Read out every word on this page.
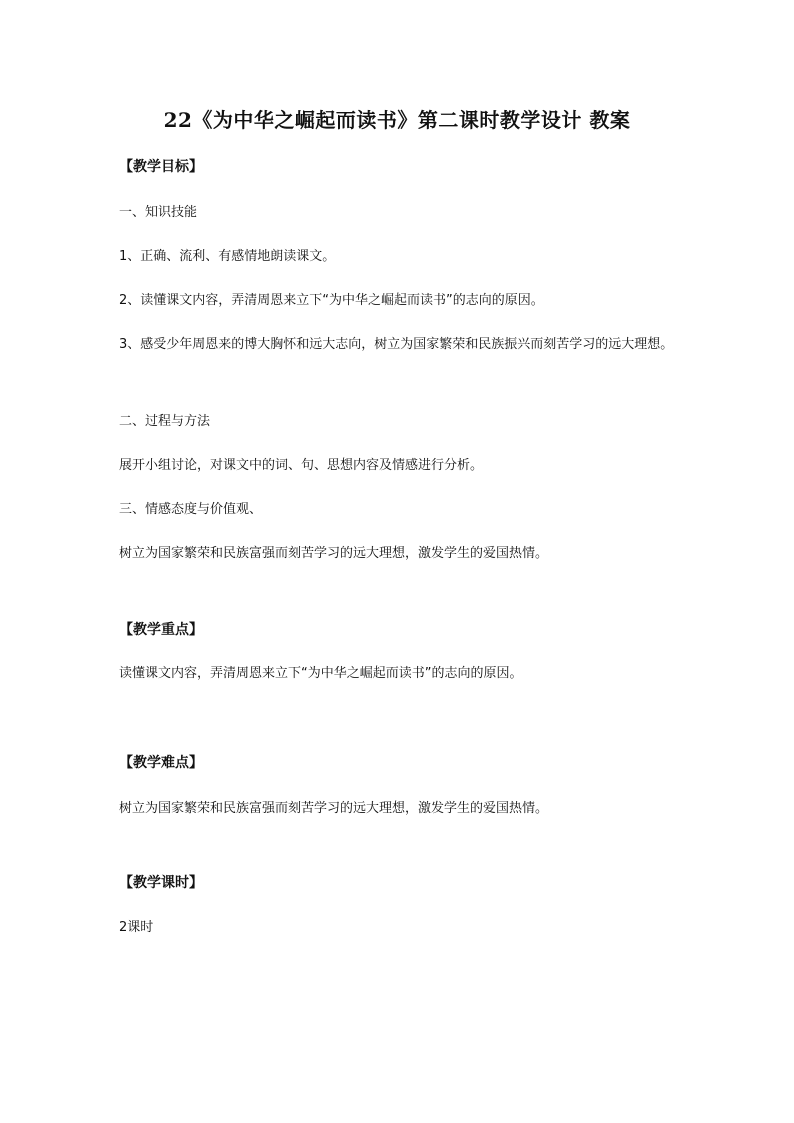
22《为中华之崛起而读书》第二课时教学设计 教案

【教学目标】

一、知识技能

1、正确、流利、有感情地朗读课文。

2、读懂课文内容，弄清周恩来立下“为中华之崛起而读书”的志向的原因。

3、感受少年周恩来的博大胸怀和远大志向，树立为国家繁荣和民族振兴而刻苦学习的远大理想。

二、过程与方法

展开小组讨论，对课文中的词、句、思想内容及情感进行分析。

三、情感态度与价值观、

树立为国家繁荣和民族富强而刻苦学习的远大理想，激发学生的爱国热情。

【教学重点】

读懂课文内容，弄清周恩来立下“为中华之崛起而读书”的志向的原因。

【教学难点】

树立为国家繁荣和民族富强而刻苦学习的远大理想，激发学生的爱国热情。

【教学课时】

2课时
